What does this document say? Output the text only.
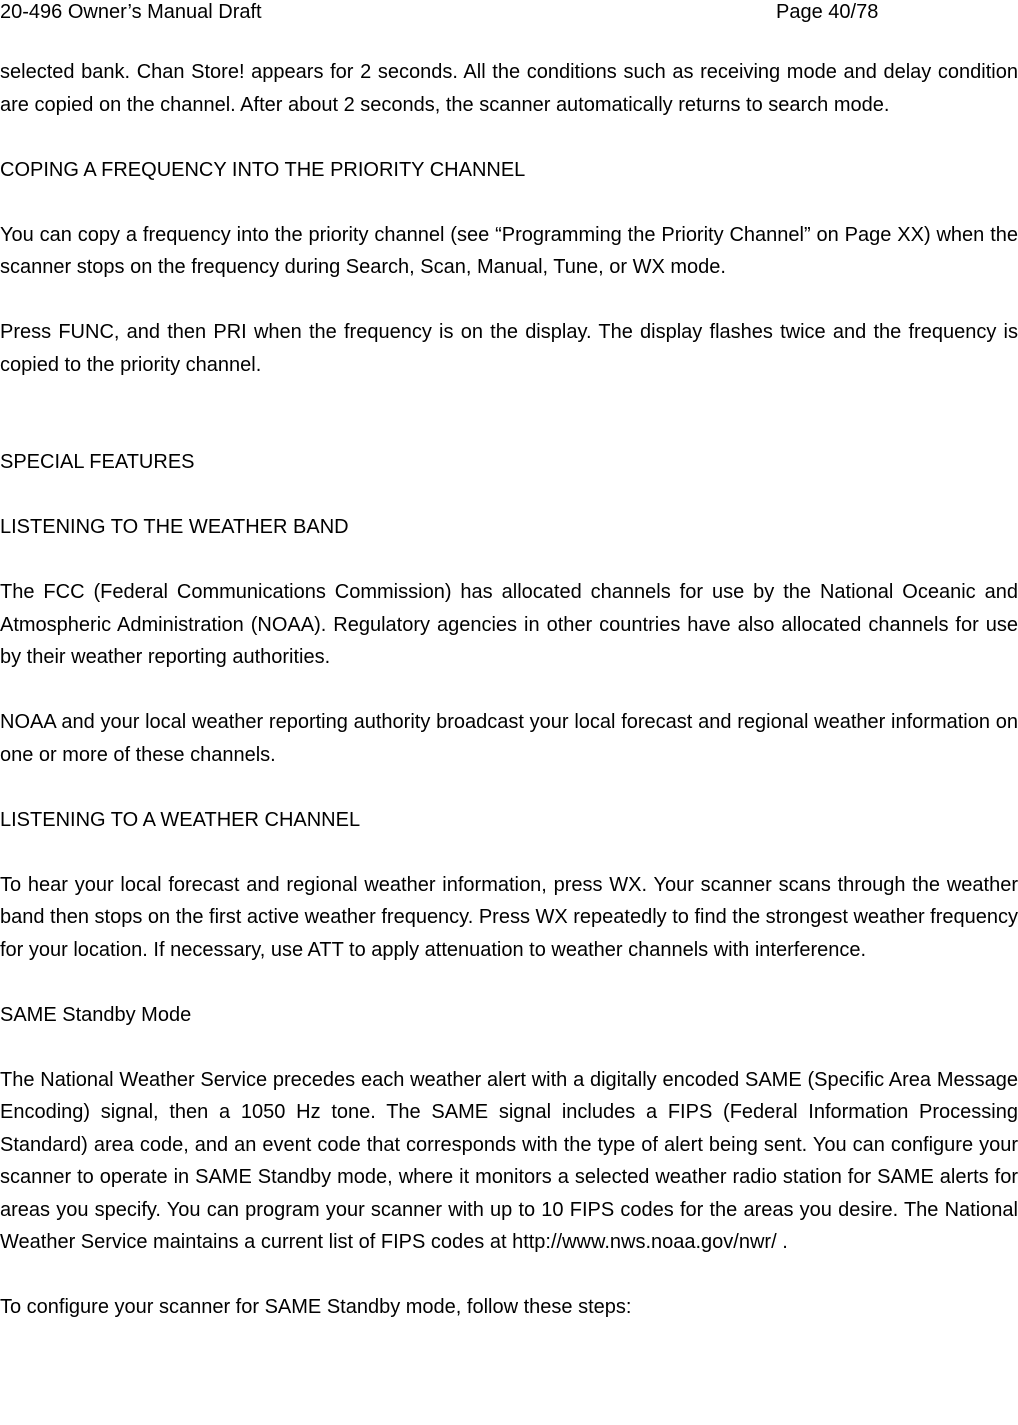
20-496 Owner’s Manual Draft	Page 40/78

selected bank. Chan Store! appears for 2 seconds. All the conditions such as receiving mode and delay condition are copied on the channel. After about 2 seconds, the scanner automatically returns to search mode.

COPING A FREQUENCY INTO THE PRIORITY CHANNEL

You can copy a frequency into the priority channel (see “Programming the Priority Channel” on Page XX) when the scanner stops on the frequency during Search, Scan, Manual, Tune, or WX mode.

Press FUNC, and then PRI when the frequency is on the display. The display flashes twice and the frequency is copied to the priority channel.

SPECIAL FEATURES

LISTENING TO THE WEATHER BAND

The FCC (Federal Communications Commission) has allocated channels for use by the National Oceanic and Atmospheric Administration (NOAA). Regulatory agencies in other countries have also allocated channels for use by their weather reporting authorities.

NOAA and your local weather reporting authority broadcast your local forecast and regional weather information on one or more of these channels.

LISTENING TO A WEATHER CHANNEL

To hear your local forecast and regional weather information, press WX. Your scanner scans through the weather band then stops on the first active weather frequency. Press WX repeatedly to find the strongest weather frequency for your location. If necessary, use ATT to apply attenuation to weather channels with interference.

SAME Standby Mode

The National Weather Service precedes each weather alert with a digitally encoded SAME (Specific Area Message Encoding) signal, then a 1050 Hz tone. The SAME signal includes a FIPS (Federal Information Processing Standard) area code, and an event code that corresponds with the type of alert being sent. You can configure your scanner to operate in SAME Standby mode, where it monitors a selected weather radio station for SAME alerts for areas you specify. You can program your scanner with up to 10 FIPS codes for the areas you desire. The National Weather Service maintains a current list of FIPS codes at http://www.nws.noaa.gov/nwr/ .

To configure your scanner for SAME Standby mode, follow these steps:
